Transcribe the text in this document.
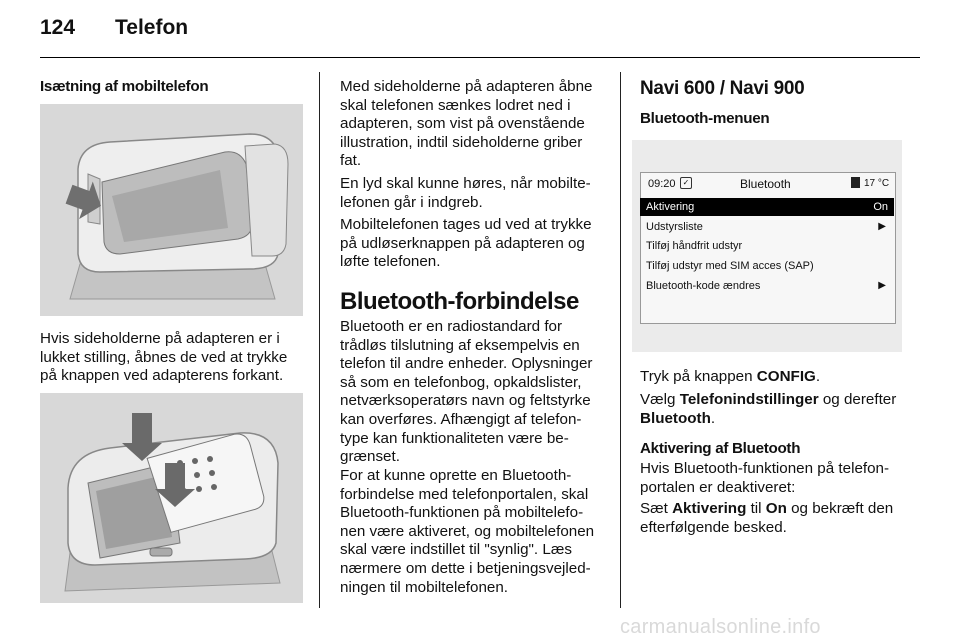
124 Telefon
Isætning af mobiltelefon

Hvis sideholderne på adapteren er i

lukket stilling, åbnes de ved at trykke

på knappen ved adapterens forkant.

Med sideholderne på adapteren åbne

skal telefonen sænkes lodret ned i

adapteren, som vist på ovenstående

illustration, indtil sideholderne griber

fat.

En lyd skal kunne høres, når mobilte-

lefonen går i indgreb.

Mobiltelefonen tages ud ved at trykke

på udløserknappen på adapteren og

løfte telefonen.

Bluetooth-forbindelse

Bluetooth er en radiostandard for

trådløs tilslutning af eksempelvis en

telefon til andre enheder. Oplysninger

så som en telefonbog, opkaldslister,

netværksoperatørs navn og feltstyrke

kan overføres. Afhængigt af telefon-

type kan funktionaliteten være be-

grænset.

For at kunne oprette en Bluetooth-

forbindelse med telefonportalen, skal

Bluetooth-funktionen på mobiltelefo-

nen være aktiveret, og mobiltelefonen

skal være indstillet til "synlig". Læs

nærmere om dette i betjeningsvejled-

ningen til mobiltelefonen.

Navi 600 / Navi 900
Bluetooth-menuen
09:20 ✓	Bluetooth	17 °C
Aktivering	On
Udstyrsliste	▶
Tilføj håndfrit udstyr
Tilføj udstyr med SIM acces (SAP)
Bluetooth-kode ændres	▶
Tryk på knappen CONFIG.

Vælg Telefonindstillinger og derefter

Bluetooth.

Aktivering af Bluetooth

Hvis Bluetooth-funktionen på telefon-

portalen er deaktiveret:

Sæt Aktivering til On og bekræft den

efterfølgende besked.

carmanualsonline.info
